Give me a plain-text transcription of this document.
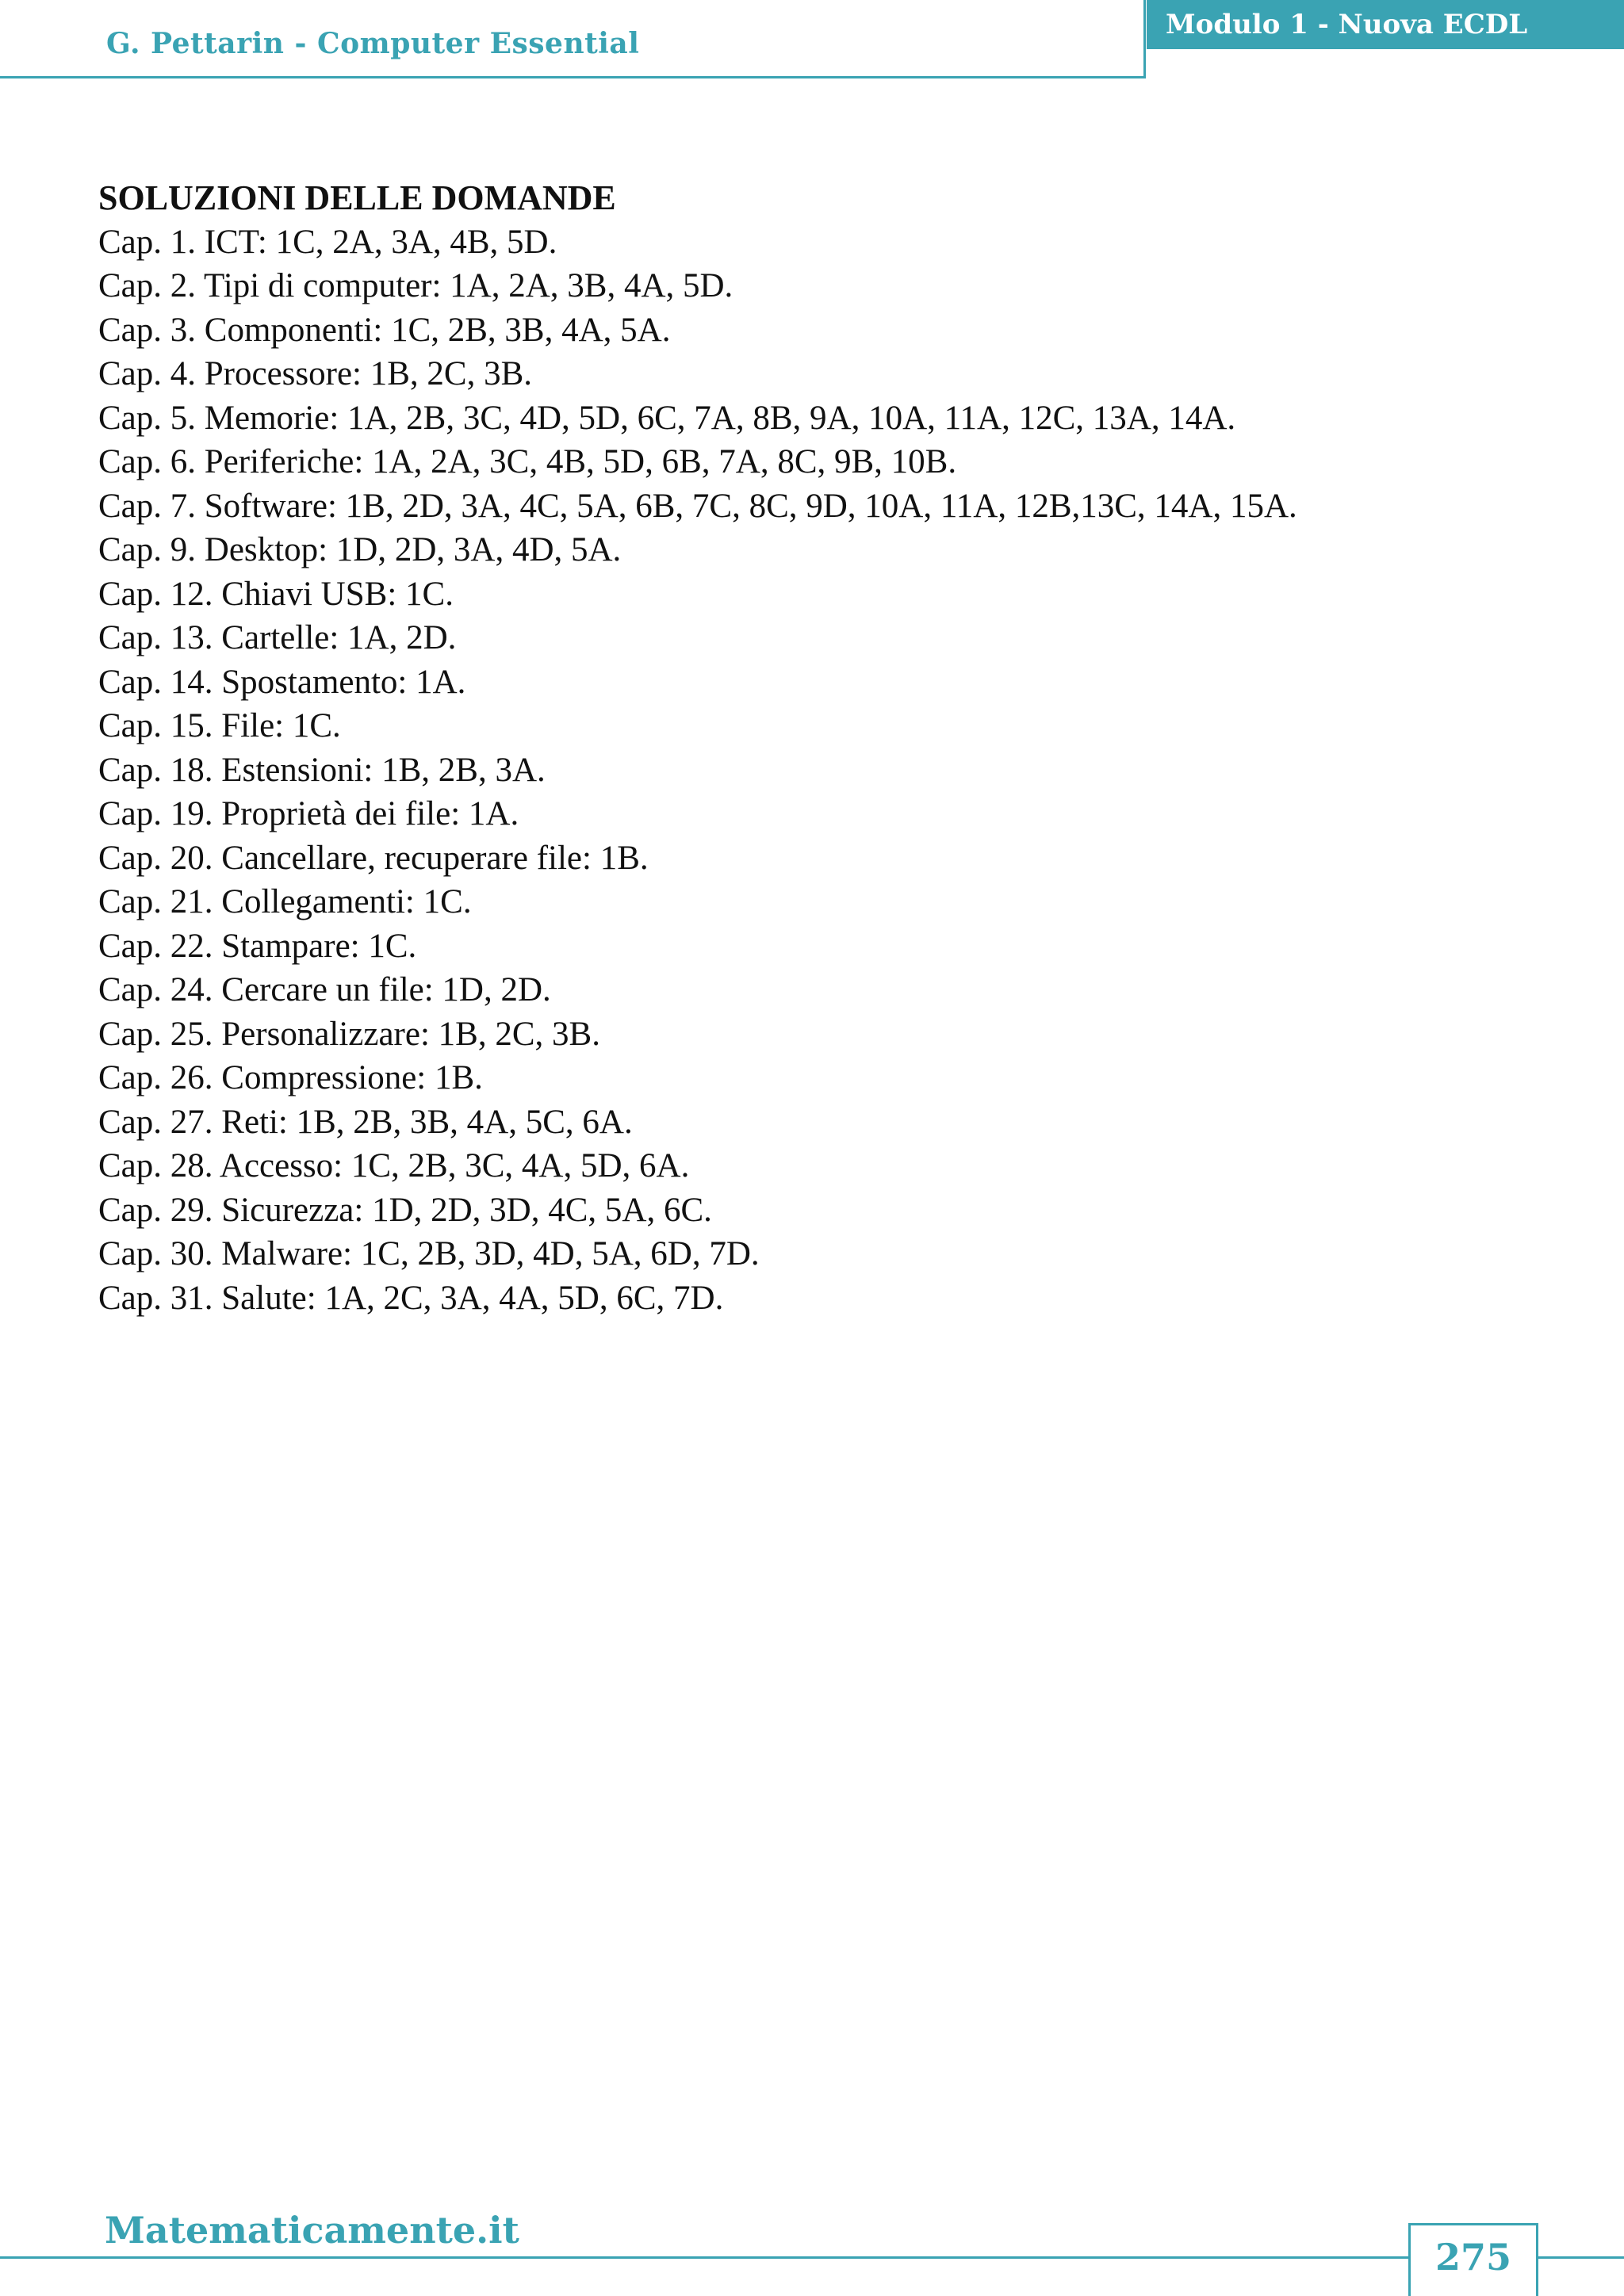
G. Pettarin - Computer Essential
Modulo 1 - Nuova ECDL
SOLUZIONI DELLE DOMANDE
Cap. 1. ICT: 1C, 2A, 3A, 4B, 5D.
Cap. 2. Tipi di computer: 1A, 2A, 3B, 4A, 5D.
Cap. 3. Componenti: 1C, 2B, 3B, 4A, 5A.
Cap. 4. Processore: 1B, 2C, 3B.
Cap. 5. Memorie: 1A, 2B, 3C, 4D, 5D, 6C, 7A, 8B, 9A, 10A, 11A, 12C, 13A, 14A.
Cap. 6. Periferiche: 1A, 2A, 3C, 4B, 5D, 6B, 7A, 8C, 9B, 10B.
Cap. 7. Software: 1B, 2D, 3A, 4C, 5A, 6B, 7C, 8C, 9D, 10A, 11A, 12B,13C, 14A, 15A.
Cap. 9. Desktop: 1D, 2D, 3A, 4D, 5A.
Cap. 12. Chiavi USB: 1C.
Cap. 13. Cartelle: 1A, 2D.
Cap. 14. Spostamento: 1A.
Cap. 15. File: 1C.
Cap. 18. Estensioni: 1B, 2B, 3A.
Cap. 19. Proprietà dei file: 1A.
Cap. 20. Cancellare, recuperare file: 1B.
Cap. 21. Collegamenti: 1C.
Cap. 22. Stampare: 1C.
Cap. 24. Cercare un file: 1D, 2D.
Cap. 25. Personalizzare: 1B, 2C, 3B.
Cap. 26. Compressione: 1B.
Cap. 27. Reti: 1B, 2B, 3B, 4A, 5C, 6A.
Cap. 28. Accesso: 1C, 2B, 3C, 4A, 5D, 6A.
Cap. 29. Sicurezza: 1D, 2D, 3D, 4C, 5A, 6C.
Cap. 30. Malware: 1C, 2B, 3D, 4D, 5A, 6D, 7D.
Cap. 31. Salute: 1A, 2C, 3A, 4A, 5D, 6C, 7D.
Matematicamente.it
275
